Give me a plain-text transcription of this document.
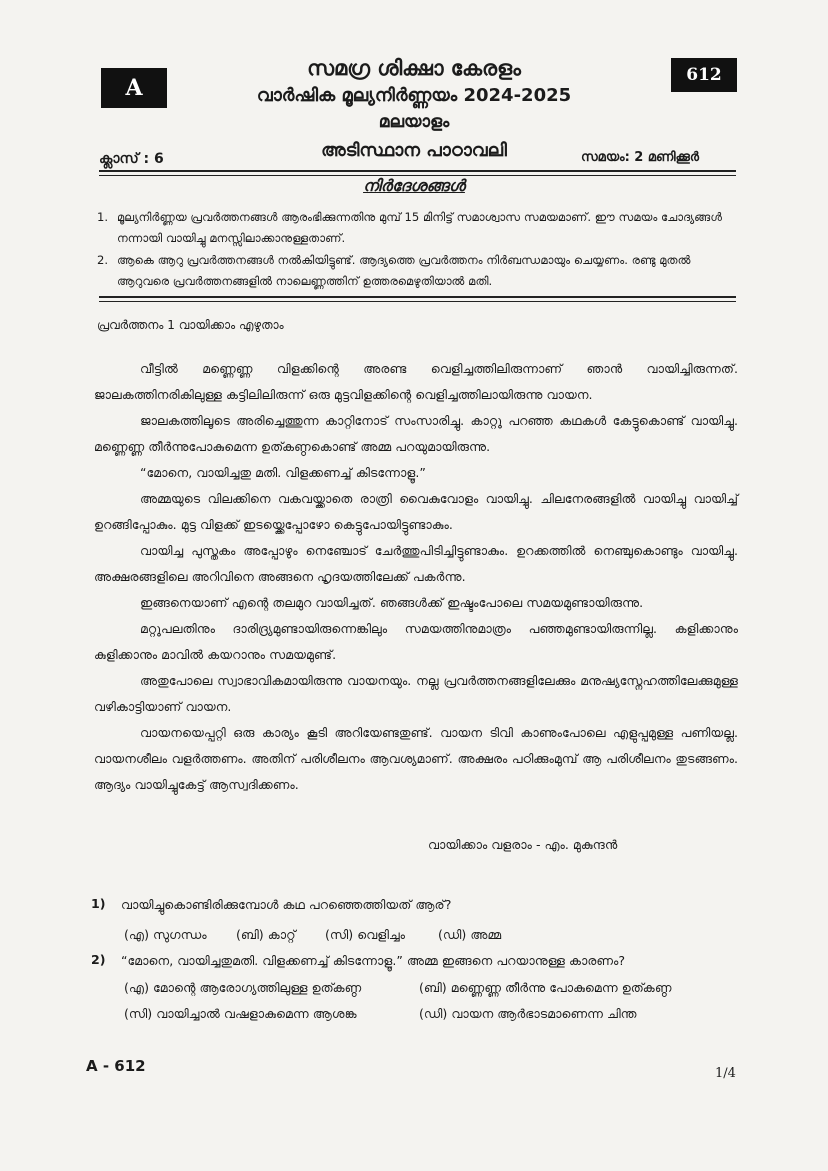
A	612
സമഗ്ര ശിക്ഷാ കേരളം
വാർഷിക മൂല്യനിർണ്ണയം 2024-2025
മലയാളം
ക്ലാസ് : 6	അടിസ്ഥാന പാഠാവലി	സമയം: 2 മണിക്കൂർ
നിർദേശങ്ങൾ
1. മൂല്യനിർണ്ണയ പ്രവർത്തനങ്ങൾ ആരംഭിക്കുന്നതിനു മുമ്പ് 15 മിനിട്ട് സമാശ്വാസ സമയമാണ്. ഈ സമയം ചോദ്യങ്ങൾ നന്നായി വായിച്ചു മനസ്സിലാക്കാനുള്ളതാണ്.
2. ആകെ ആറു പ്രവർത്തനങ്ങൾ നൽകിയിട്ടുണ്ട്. ആദ്യത്തെ പ്രവർത്തനം നിർബന്ധമായും ചെയ്യണം. രണ്ടു മുതൽ ആറുവരെ പ്രവർത്തനങ്ങളിൽ നാലെണ്ണത്തിന് ഉത്തരമെഴുതിയാൽ മതി.
പ്രവർത്തനം 1 വായിക്കാം എഴുതാം

വീട്ടിൽ മണ്ണെണ്ണ വിളക്കിന്റെ അരണ്ട വെളിച്ചത്തിലിരുന്നാണ് ഞാൻ വായിച്ചിരുന്നത്. ജാലകത്തിനരികിലുള്ള കട്ടിലിലിരുന്ന് ഒരു മുട്ടവിളക്കിന്റെ വെളിച്ചത്തിലായിരുന്നു വായന.

ജാലകത്തിലൂടെ അരിച്ചെത്തുന്ന കാറ്റിനോട് സംസാരിച്ചു. കാറ്റു പറഞ്ഞ കഥകൾ കേട്ടുകൊണ്ട് വായിച്ചു. മണ്ണെണ്ണ തീർന്നുപോകുമെന്ന ഉത്കണ്ഠകൊണ്ട് അമ്മ പറയുമായിരുന്നു.

“മോനെ, വായിച്ചതു മതി. വിളക്കണച്ച് കിടന്നോളൂ.”

അമ്മയുടെ വിലക്കിനെ വകവയ്ക്കാതെ രാത്രി വൈകുവോളം വായിച്ചു. ചിലനേരങ്ങളിൽ വായിച്ചു വായിച്ച് ഉറങ്ങിപ്പോകും. മുട്ട വിളക്ക് ഇടയ്ക്കെപ്പോഴോ കെട്ടുപോയിട്ടുണ്ടാകും.

വായിച്ച പുസ്തകം അപ്പോഴും നെഞ്ചോട് ചേർത്തുപിടിച്ചിട്ടുണ്ടാകും. ഉറക്കത്തിൽ നെഞ്ചുകൊണ്ടും വായിച്ചു. അക്ഷരങ്ങളിലെ അറിവിനെ അങ്ങനെ ഹൃദയത്തിലേക്ക് പകർന്നു.

ഇങ്ങനെയാണ് എന്റെ തലമുറ വായിച്ചത്. ഞങ്ങൾക്ക് ഇഷ്ടംപോലെ സമയമുണ്ടായിരുന്നു.

മറ്റുപലതിനും ദാരിദ്ര്യമുണ്ടായിരുന്നെങ്കിലും സമയത്തിനുമാത്രം പഞ്ഞമുണ്ടായിരുന്നില്ല. കളിക്കാനും കുളിക്കാനും മാവിൽ കയറാനും സമയമുണ്ട്.

അതുപോലെ സ്വാഭാവികമായിരുന്നു വായനയും. നല്ല പ്രവർത്തനങ്ങളിലേക്കും മനുഷ്യസ്നേഹത്തിലേക്കുമുള്ള വഴികാട്ടിയാണ് വായന.

വായനയെപ്പറ്റി ഒരു കാര്യം കൂടി അറിയേണ്ടതുണ്ട്. വായന ടിവി കാണുംപോലെ എളുപ്പമുള്ള പണിയല്ല. വായനശീലം വളർത്തണം. അതിന് പരിശീലനം ആവശ്യമാണ്. അക്ഷരം പഠിക്കുംമുമ്പ് ആ പരിശീലനം തുടങ്ങണം. ആദ്യം വായിച്ചുകേട്ട് ആസ്വദിക്കണം.

വായിക്കാം വളരാം - എം. മുകുന്ദൻ
1) വായിച്ചുകൊണ്ടിരിക്കുമ്പോൾ കഥ പറഞ്ഞെത്തിയത് ആര്?
(എ) സുഗന്ധം (ബി) കാറ്റ് (സി) വെളിച്ചം	(ഡി) അമ്മ
2) “മോനെ, വായിച്ചതുമതി. വിളക്കണച്ച് കിടന്നോളൂ.” അമ്മ ഇങ്ങനെ പറയാനുള്ള കാരണം?
(എ) മോന്റെ ആരോഗ്യത്തിലുള്ള ഉത്കണ്ഠ	(ബി) മണ്ണെണ്ണ തീർന്നു പോകുമെന്ന ഉത്കണ്ഠ
(സി) വായിച്ചാൽ വഷളാകുമെന്ന ആശങ്ക	(ഡി) വായന ആർഭാടമാണെന്ന ചിന്ത
A - 612	1/4
